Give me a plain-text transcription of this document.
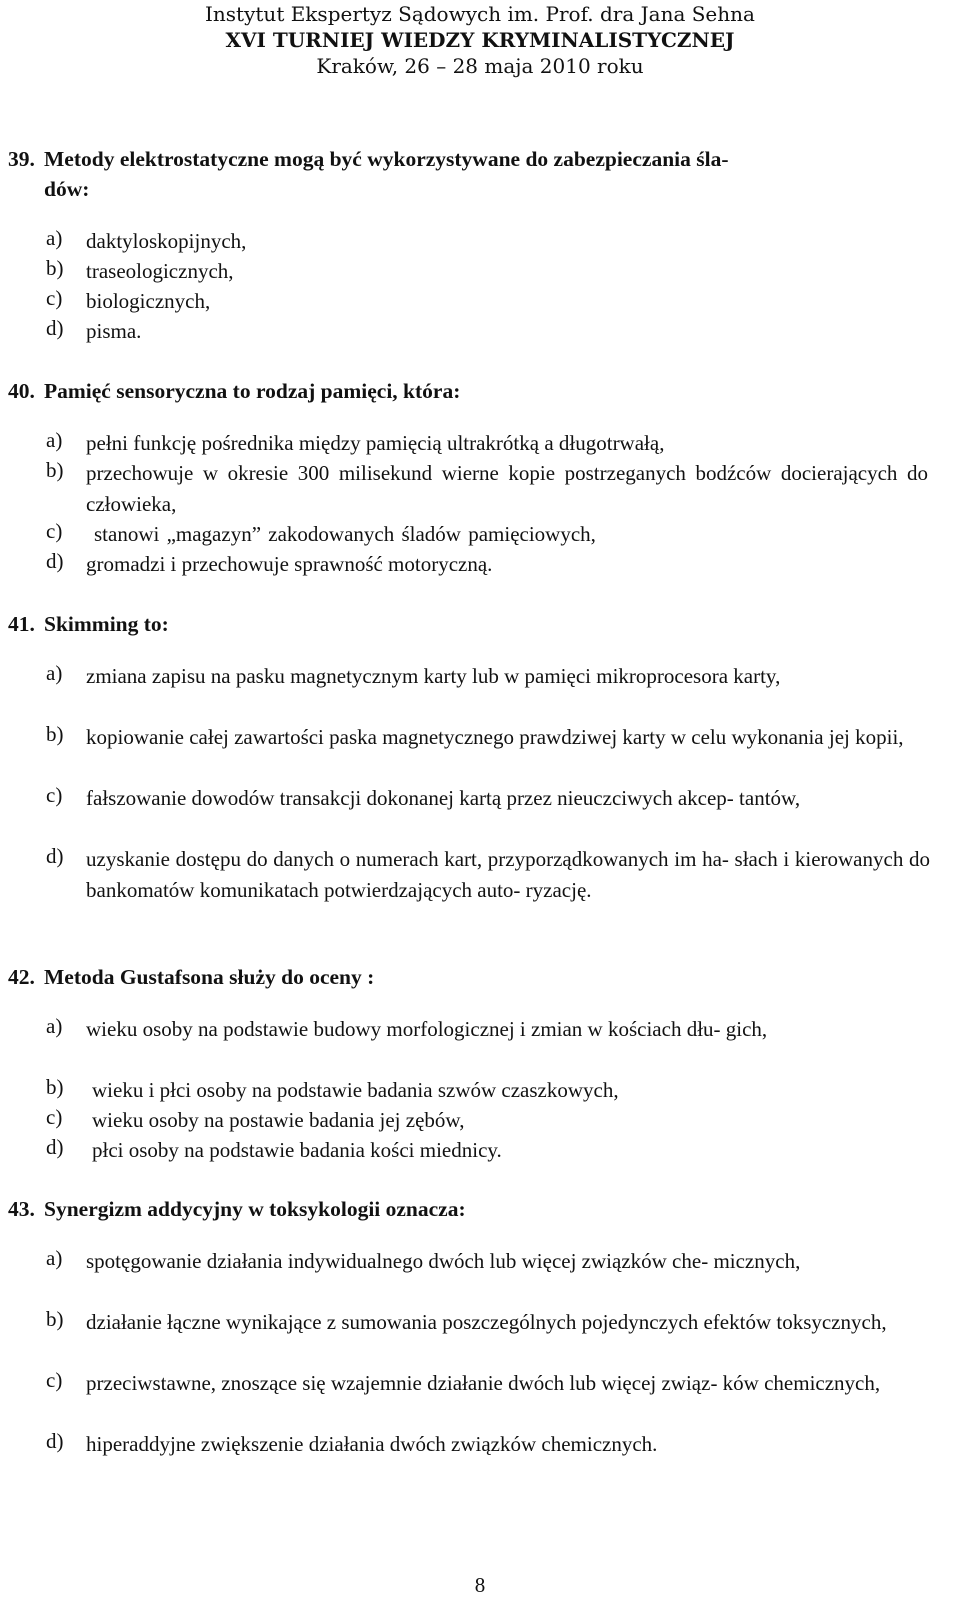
Instytut Ekspertyz Sądowych im. Prof. dra Jana Sehna
XVI TURNIEJ WIEDZY KRYMINALISTYCZNEJ
Kraków, 26 – 28 maja 2010 roku
39. Metody elektrostatyczne mogą być wykorzystywane do zabezpieczania śla-
dów:
a) daktyloskopijnych,
b) traseologicznych,
c) biologicznych,
d) pisma.
40. Pamięć sensoryczna to rodzaj pamięci, która:
a) pełni funkcję pośrednika między pamięcią ultrakrótką a długotrwałą,
b) przechowuje w okresie 300 milisekund wierne kopie postrzeganych bodźców docierających do człowieka,
c) stanowi „magazyn” zakodowanych śladów pamięciowych,
d) gromadzi i przechowuje sprawność motoryczną.
41. Skimming to:
a) zmiana zapisu na pasku magnetycznym karty lub w pamięci mikroprocesora karty,
b) kopiowanie całej zawartości paska magnetycznego prawdziwej karty w celu wykonania jej kopii,
c) fałszowanie dowodów transakcji dokonanej kartą przez nieuczciwych akcep- tantów,
d) uzyskanie dostępu do danych o numerach kart, przyporządkowanych im ha- słach i kierowanych do bankomatów komunikatach potwierdzających auto- ryzację.
42. Metoda Gustafsona służy do oceny :
a) wieku osoby na podstawie budowy morfologicznej i zmian w kościach dłu- gich,
b) wieku i płci osoby na podstawie badania szwów czaszkowych,
c) wieku osoby na postawie badania jej zębów,
d) płci osoby na podstawie badania kości miednicy.
43. Synergizm addycyjny w toksykologii oznacza:
a) spotęgowanie działania indywidualnego dwóch lub więcej związków che- micznych,
b) działanie łączne wynikające z sumowania poszczególnych pojedynczych efektów toksycznych,
c) przeciwstawne, znoszące się wzajemnie działanie dwóch lub więcej związ- ków chemicznych,
d) hiperaddyjne zwiększenie działania dwóch związków chemicznych.
8
